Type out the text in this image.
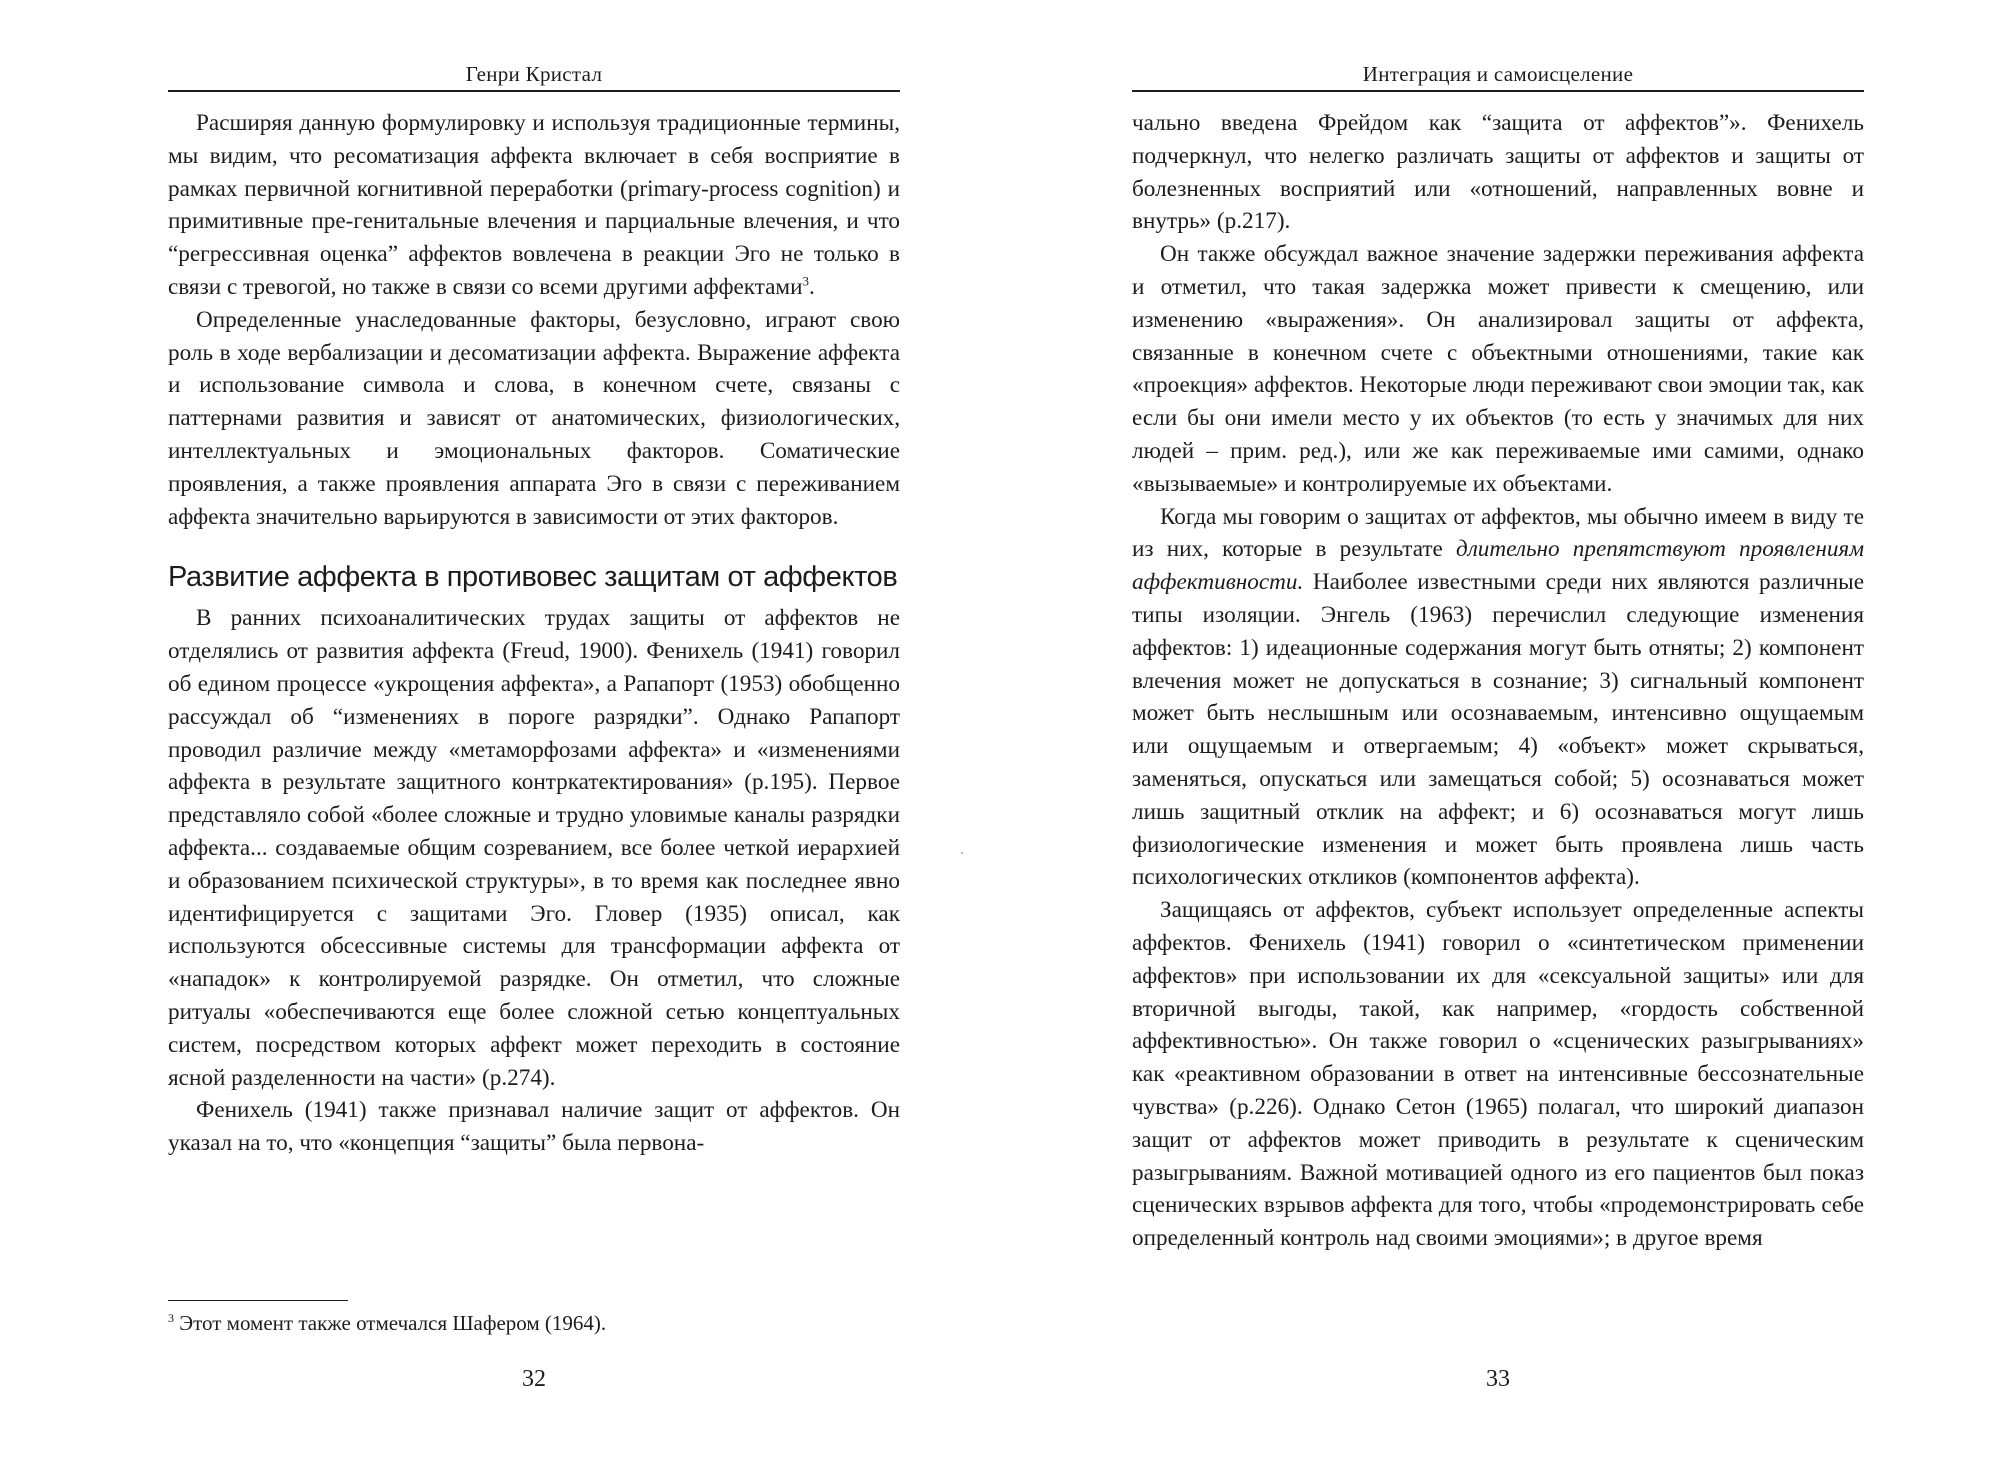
Генри Кристал

Расширяя данную формулировку и используя традиционные термины, мы видим, что ресоматизация аффекта включает в себя восприятие в рамках первичной когнитивной переработки (primary-process cognition) и примитивные пре-генитальные влечения и парциальные влечения, и что “регрессивная оценка” аффектов вовлечена в реакции Эго не только в связи с тревогой, но также в связи со всеми другими аффектами$^3$.

Определенные унаследованные факторы, безусловно, играют свою роль в ходе вербализации и десоматизации аффекта. Выражение аффекта и использование символа и слова, в конечном счете, связаны с паттернами развития и зависят от анатомических, физиологических, интеллектуальных и эмоциональных факторов. Соматические проявления, а также проявления аппарата Эго в связи с переживанием аффекта значительно варьируются в зависимости от этих факторов.

Развитие аффекта в противовес защитам от аффектов

В ранних психоаналитических трудах защиты от аффектов не отделялись от развития аффекта (Freud, 1900). Фенихель (1941) говорил об едином процессе «укрощения аффекта», а Рапапорт (1953) обобщенно рассуждал об “изменениях в пороге разрядки”. Однако Рапапорт проводил различие между «метаморфозами аффекта» и «изменениями аффекта в результате защитного контркатектирования» (p.195). Первое представляло собой «более сложные и трудно уловимые каналы разрядки аффекта... создаваемые общим созреванием, все более четкой иерархией и образованием психической структуры», в то время как последнее явно идентифицируется с защитами Эго. Гловер (1935) описал, как используются обсессивные системы для трансформации аффекта от «нападок» к контролируемой разрядке. Он отметил, что сложные ритуалы «обеспечиваются еще более сложной сетью концептуальных систем, посредством которых аффект может переходить в состояние ясной разделенности на части» (p.274).

Фенихель (1941) также признавал наличие защит от аффектов. Он указал на то, что «концепция “защиты” была первона-

$^3$ Этот момент также отмечался Шафером (1964).
32
Интеграция и самоисцеление

чально введена Фрейдом как “защита от аффектов”». Фенихель подчеркнул, что нелегко различать защиты от аффектов и защиты от болезненных восприятий или «отношений, направленных вовне и внутрь» (p.217).

Он также обсуждал важное значение задержки переживания аффекта и отметил, что такая задержка может привести к смещению, или изменению «выражения». Он анализировал защиты от аффекта, связанные в конечном счете с объектными отношениями, такие как «проекция» аффектов. Некоторые люди переживают свои эмоции так, как если бы они имели место у их объектов (то есть у значимых для них людей – прим. ред.), или же как переживаемые ими самими, однако «вызываемые» и контролируемые их объектами.

Когда мы говорим о защитах от аффектов, мы обычно имеем в виду те из них, которые в результате длительно препятствуют проявлениям аффективности. Наиболее известными среди них являются различные типы изоляции. Энгель (1963) перечислил следующие изменения аффектов: 1) идеационные содержания могут быть отняты; 2) компонент влечения может не допускаться в сознание; 3) сигнальный компонент может быть неслышным или осознаваемым, интенсивно ощущаемым или ощущаемым и отвергаемым; 4) «объект» может скрываться, заменяться, опускаться или замещаться собой; 5) осознаваться может лишь защитный отклик на аффект; и 6) осознаваться могут лишь физиологические изменения и может быть проявлена лишь часть психологических откликов (компонентов аффекта).

Защищаясь от аффектов, субъект использует определенные аспекты аффектов. Фенихель (1941) говорил о «синтетическом применении аффектов» при использовании их для «сексуальной защиты» или для вторичной выгоды, такой, как например, «гордость собственной аффективностью». Он также говорил о «сценических разыгрываниях» как «реактивном образовании в ответ на интенсивные бессознательные чувства» (p.226). Однако Сетон (1965) полагал, что широкий диапазон защит от аффектов может приводить в результате к сценическим разыгрываниям. Важной мотивацией одного из его пациентов был показ сценических взрывов аффекта для того, чтобы «продемонстрировать себе определенный контроль над своими эмоциями»; в другое время

33
